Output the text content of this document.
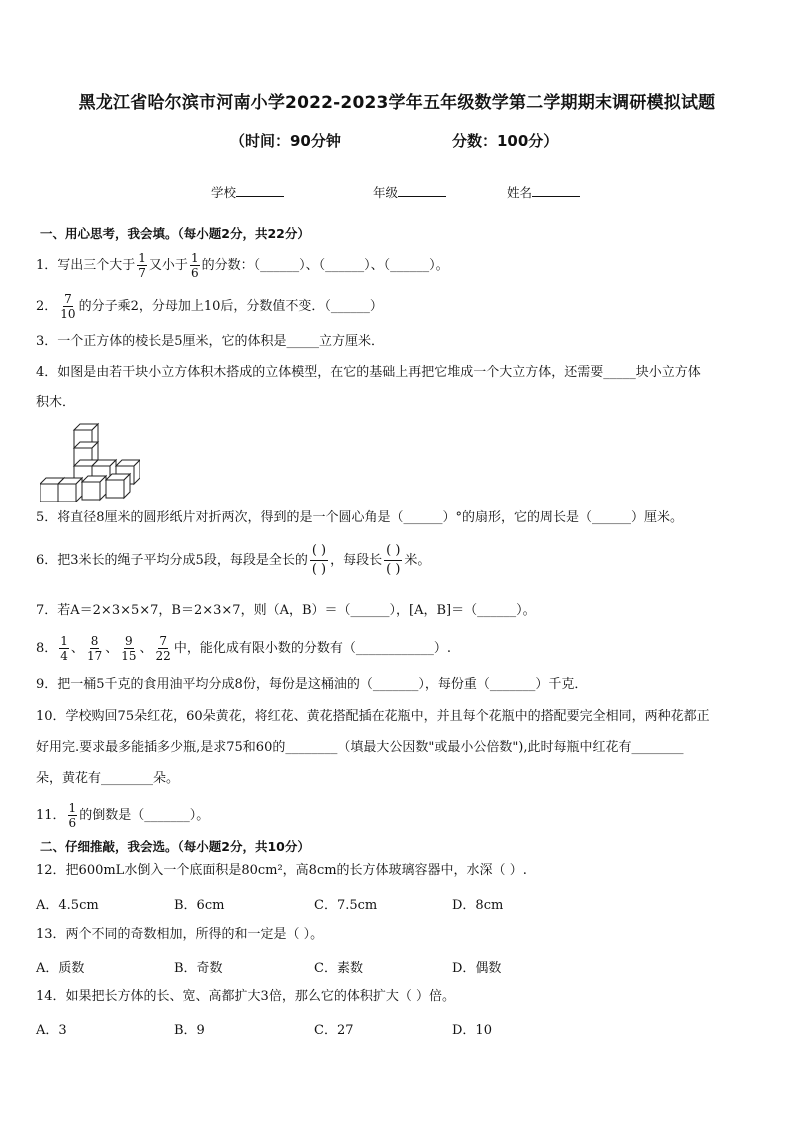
黑龙江省哈尔滨市河南小学2022-2023学年五年级数学第二学期期末调研模拟试题
（时间：90分钟	分数：100分）
学校	年级	姓名
一、用心思考，我会填。（每小题2分，共22分）
1．写出三个大于 $\frac{1}{7}$ 又小于 $\frac{1}{6}$ 的分数：（______）、（______）、（______）。
2． $\frac{7}{10}$ 的分子乘2，分母加上10后，分数值不变．（______）
3．一个正方体的棱长是5厘米，它的体积是_____立方厘米．
4．如图是由若干块小立方体积木搭成的立体模型，在它的基础上再把它堆成一个大立方体，还需要_____块小立方体
积木．
5．将直径8厘米的圆形纸片对折两次，得到的是一个圆心角是（______）°的扇形，它的周长是（______）厘米。
6．把3米长的绳子平均分成5段，每段是全长的 $\frac{( )}{( )}$ ，每段长 $\frac{( )}{( )}$ 米。
7．若A＝2×3×5×7，B＝2×3×7，则（A，B）＝（______），[A，B]＝（______）。
8． $\frac{1}{4}$ 、 $\frac{8}{17}$ 、 $\frac{9}{15}$ 、 $\frac{7}{22}$ 中，能化成有限小数的分数有（____________）.
9．把一桶5千克的食用油平均分成8份，每份是这桶油的（_______），每份重（_______）千克．
10．学校购回75朵红花，60朵黄花，将红花、黄花搭配插在花瓶中，并且每个花瓶中的搭配要完全相同，两种花都正
好用完.要求最多能插多少瓶,是求75和60的________（填最大公因数"或最小公倍数"),此时每瓶中红花有________
朵，黄花有________朵。
11． $\frac{1}{6}$ 的倒数是（_______）。
二、仔细推敲，我会选。（每小题2分，共10分）
12．把600mL水倒入一个底面积是80cm²，高8cm的长方体玻璃容器中，水深（ ）.
A．4.5cm	B．6cm	C．7.5cm	D．8cm
13．两个不同的奇数相加，所得的和一定是（ ）。
A．质数	B．奇数	C．素数	D．偶数
14．如果把长方体的长、宽、高都扩大3倍，那么它的体积扩大（ ）倍。
A．3	B．9	C．27	D．10
